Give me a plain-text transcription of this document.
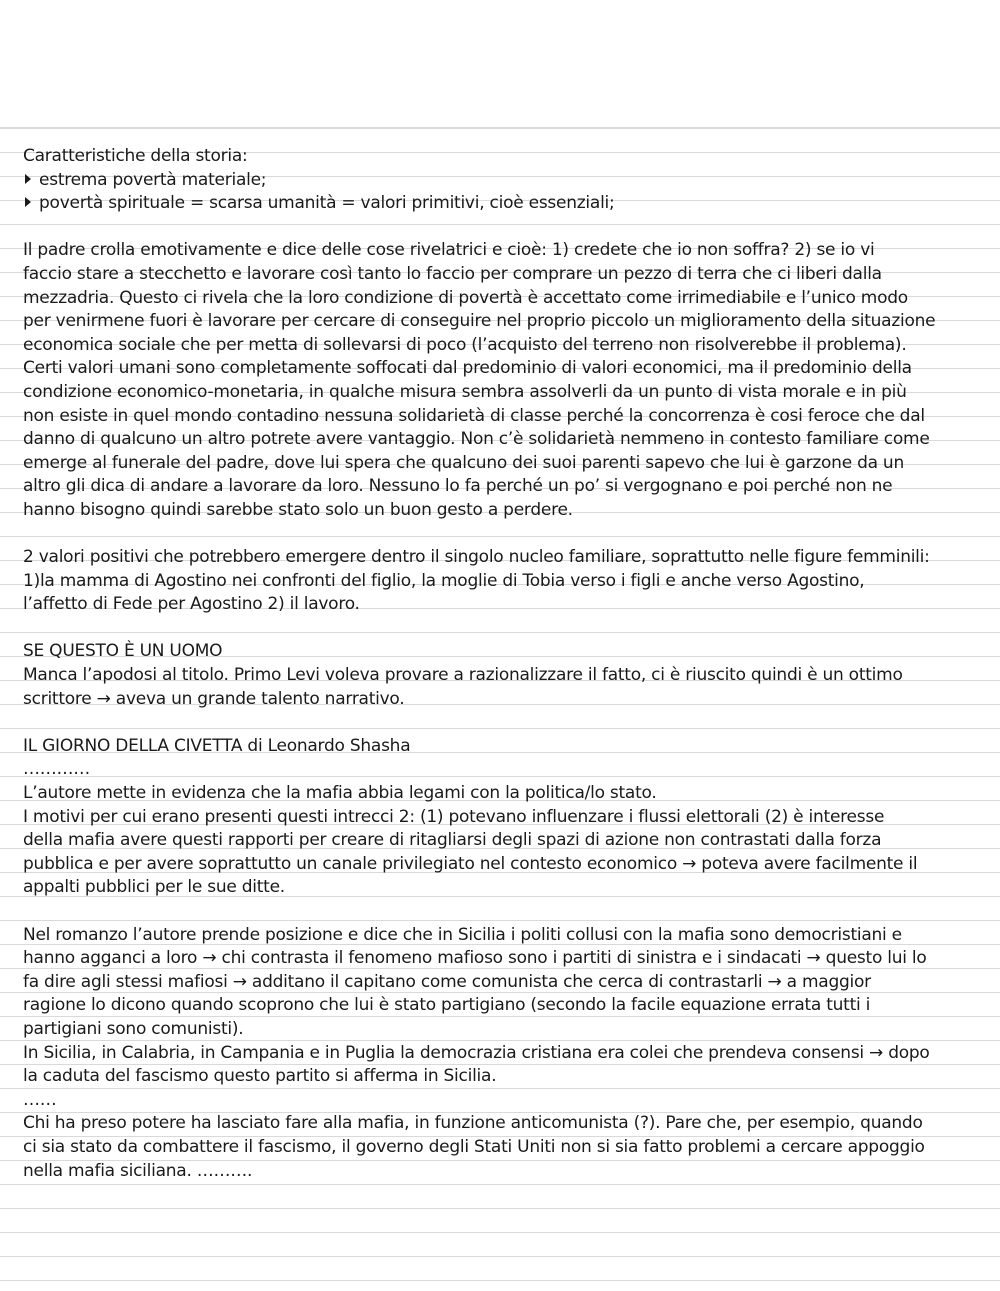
Caratteristiche della storia:
estrema povertà materiale;
povertà spirituale = scarsa umanità = valori primitivi, cioè essenziali;
Il padre crolla emotivamente e dice delle cose rivelatrici e cioè: 1) credete che io non soffra? 2) se io vi
faccio stare a stecchetto e lavorare così tanto lo faccio per comprare un pezzo di terra che ci liberi dalla
mezzadria. Questo ci rivela che la loro condizione di povertà è accettato come irrimediabile e l’unico modo
per venirmene fuori è lavorare per cercare di conseguire nel proprio piccolo un miglioramento della situazione
economica sociale che per metta di sollevarsi di poco (l’acquisto del terreno non risolverebbe il problema).
Certi valori umani sono completamente soffocati dal predominio di valori economici, ma il predominio della
condizione economico-monetaria, in qualche misura sembra assolverli da un punto di vista morale e in più
non esiste in quel mondo contadino nessuna solidarietà di classe perché la concorrenza è cosi feroce che dal
danno di qualcuno un altro potrete avere vantaggio. Non c’è solidarietà nemmeno in contesto familiare come
emerge al funerale del padre, dove lui spera che qualcuno dei suoi parenti sapevo che lui è garzone da un
altro gli dica di andare a lavorare da loro. Nessuno lo fa perché un po’ si vergognano e poi perché non ne
hanno bisogno quindi sarebbe stato solo un buon gesto a perdere.
2 valori positivi che potrebbero emergere dentro il singolo nucleo familiare, soprattutto nelle figure femminili:
1)la mamma di Agostino nei confronti del figlio, la moglie di Tobia verso i figli e anche verso Agostino,
l’affetto di Fede per Agostino 2) il lavoro.
SE QUESTO È UN UOMO
Manca l’apodosi al titolo. Primo Levi voleva provare a razionalizzare il fatto, ci è riuscito quindi è un ottimo
scrittore → aveva un grande talento narrativo.
IL GIORNO DELLA CIVETTA di Leonardo Shasha
…………
L’autore mette in evidenza che la mafia abbia legami con la politica/lo stato.
I motivi per cui erano presenti questi intrecci 2: (1) potevano influenzare i flussi elettorali (2) è interesse
della mafia avere questi rapporti per creare di ritagliarsi degli spazi di azione non contrastati dalla forza
pubblica e per avere soprattutto un canale privilegiato nel contesto economico → poteva avere facilmente il
appalti pubblici per le sue ditte.
Nel romanzo l’autore prende posizione e dice che in Sicilia i politi collusi con la mafia sono democristiani e
hanno agganci a loro → chi contrasta il fenomeno mafioso sono i partiti di sinistra e i sindacati → questo lui lo
fa dire agli stessi mafiosi → additano il capitano come comunista che cerca di contrastarli → a maggior
ragione lo dicono quando scoprono che lui è stato partigiano (secondo la facile equazione errata tutti i
partigiani sono comunisti).
In Sicilia, in Calabria, in Campania e in Puglia la democrazia cristiana era colei che prendeva consensi → dopo
la caduta del fascismo questo partito si afferma in Sicilia.
……
Chi ha preso potere ha lasciato fare alla mafia, in funzione anticomunista (?). Pare che, per esempio, quando
ci sia stato da combattere il fascismo, il governo degli Stati Uniti non si sia fatto problemi a cercare appoggio
nella mafia siciliana. ……….
